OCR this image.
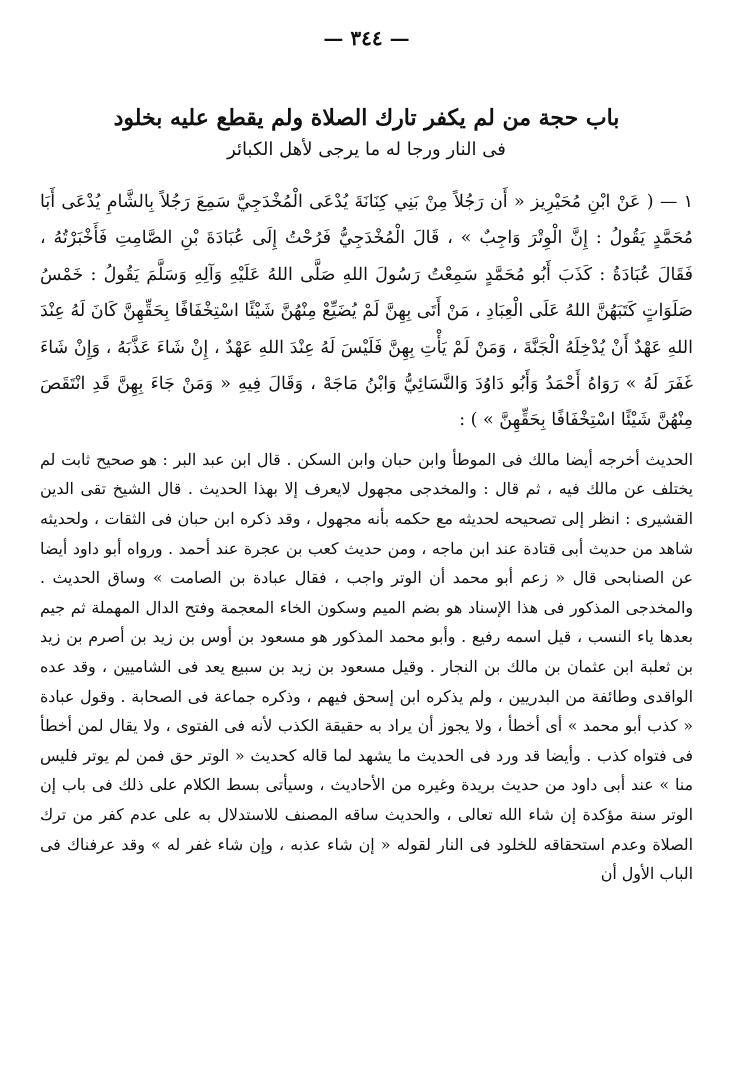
— ٣٤٤ —
باب حجة من لم يكفر تارك الصلاة ولم يقطع عليه بخلود
فى النار ورجا له ما يرجى لأهل الكبائر

١ — ( عَنْ ابْنِ مُحَيْرِيز « أَن رَجُلاً مِنْ بَنِي كِنَانَةَ يُدْعَى الْمُخْدَجِيَّ سَمِعَ رَجُلاً بِالشَّامِ يُدْعَى أَبَا مُحَمَّدٍ يَقُولُ : إِنَّ الْوِتْرَ وَاجِبٌ » ، قَالَ الْمُخْدَجِيُّ فَرُحْتُ إِلَى عُبَادَةَ بْنِ الصَّامِتِ فَأَخْبَرْتُهُ ، فَقَالَ عُبَادَةُ : كَذَبَ أَبُو مُحَمَّدٍ سَمِعْتُ رَسُولَ اللهِ صَلَّى اللهُ عَلَيْهِ وَآلِهِ وَسَلَّمَ يَقُولُ : خَمْسُ صَلَوَاتٍ كَتَبَهُنَّ اللهُ عَلَى الْعِبَادِ ، مَنْ أَتَى بِهِنَّ لَمْ يُضَيِّعْ مِنْهُنَّ شَيْئًا اسْتِخْفَافًا بِحَقِّهِنَّ كَانَ لَهُ عِنْدَ اللهِ عَهْدٌ أَنْ يُدْخِلَهُ الْجَنَّةَ ، وَمَنْ لَمْ يَأْتِ بِهِنَّ فَلَيْسَ لَهُ عِنْدَ اللهِ عَهْدٌ ، إِنْ شَاءَ عَذَّبَهُ ، وَإِنْ شَاءَ غَفَرَ لَهُ » رَوَاهُ أَحْمَدُ وَأَبُو دَاوُدَ وَالنَّسَائِيُّ وَابْنُ مَاجَهْ ، وَقَالَ فِيهِ « وَمَنْ جَاءَ بِهِنَّ قَدِ انْتَقَصَ مِنْهُنَّ شَيْئًا اسْتِخْفَافًا بِحَقِّهِنَّ » ) :

الحديث أخرجه أيضا مالك فى الموطأ وابن حبان وابن السكن . قال ابن عبد البر : هو صحيح ثابت لم يختلف عن مالك فيه ، ثم قال : والمخدجى مجهول لايعرف إلا بهذا الحديث . قال الشيخ تقى الدين القشيرى : انظر إلى تصحيحه لحديثه مع حكمه بأنه مجهول ، وقد ذكره ابن حبان فى الثقات ، ولحديثه شاهد من حديث أبى قتادة عند ابن ماجه ، ومن حديث كعب بن عجرة عند أحمد . ورواه أبو داود أيضا عن الصنابحى قال « زعم أبو محمد أن الوتر واجب ، فقال عبادة بن الصامت » وساق الحديث . والمخدجى المذكور فى هذا الإسناد هو بضم الميم وسكون الخاء المعجمة وفتح الدال المهملة ثم جيم بعدها ياء النسب ، قيل اسمه رفيع . وأبو محمد المذكور هو مسعود بن أوس بن زيد بن أصرم بن زيد بن ثعلبة ابن عثمان بن مالك بن النجار . وقيل مسعود بن زيد بن سبيع يعد فى الشاميين ، وقد عده الواقدى وطائفة من البدريين ، ولم يذكره ابن إسحق فيهم ، وذكره جماعة فى الصحابة . وقول عبادة « كذب أبو محمد » أى أخطأ ، ولا يجوز أن يراد به حقيقة الكذب لأنه فى الفتوى ، ولا يقال لمن أخطأ فى فتواه كذب . وأيضا قد ورد فى الحديث ما يشهد لما قاله كحديث « الوتر حق فمن لم يوتر فليس منا » عند أبى داود من حديث بريدة وغيره من الأحاديث ، وسيأتى بسط الكلام على ذلك فى باب إن الوتر سنة مؤكدة إن شاء الله تعالى ، والحديث ساقه المصنف للاستدلال به على عدم كفر من ترك الصلاة وعدم استحقاقه للخلود فى النار لقوله « إن شاء عذبه ، وإن شاء غفر له » وقد عرفناك فى الباب الأول أن
